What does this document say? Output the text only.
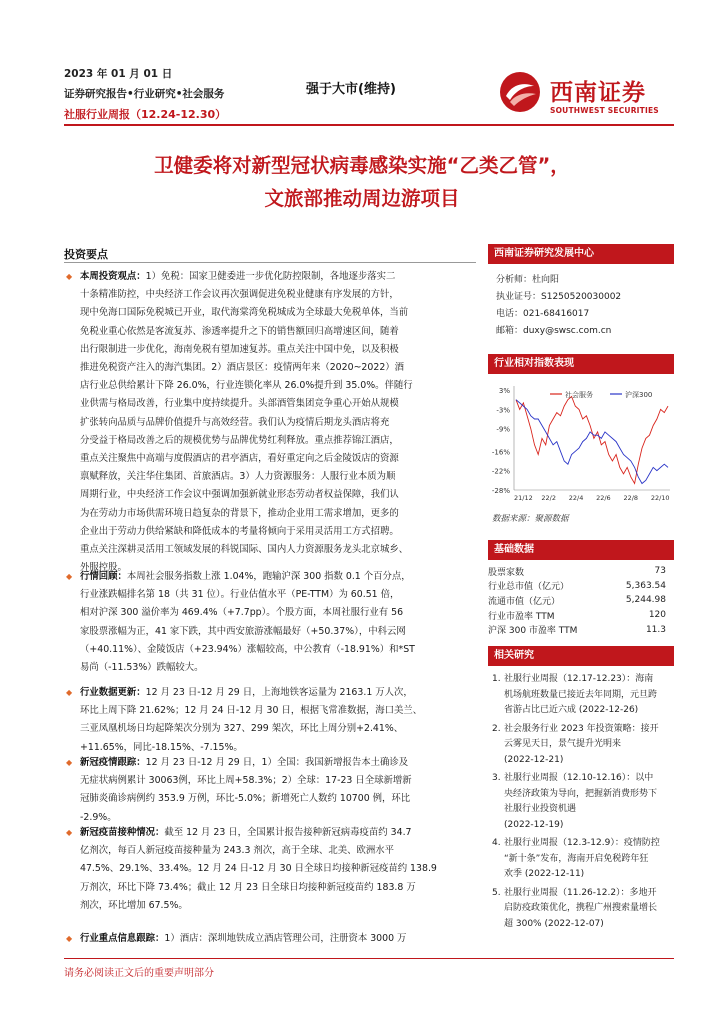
2023 年 01 月 01 日
证券研究报告•行业研究•社会服务
社服行业周报（12.24-12.30）
强于大市(维持)	西南证券
SOUTHWEST SECURITIES
卫健委将对新型冠状病毒感染实施“乙类乙管”，
文旅部推动周边游项目
投资要点
◆ 本周投资观点：1）免税：国家卫健委进一步优化防控限制，各地逐步落实二
十条精准防控，中央经济工作会议再次强调促进免税业健康有序发展的方针，
现中免海口国际免税城已开业，取代海棠湾免税城成为全球最大免税单体，当前
免税业重心依然是客流复苏、渗透率提升之下的销售额回归高增速区间，随着
出行限制进一步优化，海南免税有望加速复苏。重点关注中国中免，以及积极
推进免税资产注入的海汽集团。2）酒店景区：疫情两年来（2020~2022）酒
店行业总供给累计下降 26.0%，行业连锁化率从 26.0%提升到 35.0%。伴随行
业供需与格局改善，行业集中度持续提升。头部酒管集团竞争重心开始从规模
扩张转向品质与品牌价值提升与高效经营。我们认为疫情后期龙头酒店将充
分受益于格局改善之后的规模优势与品牌优势红利释放。重点推荐锦江酒店，
重点关注聚焦中高端与度假酒店的君亭酒店，看好重定向之后金陵饭店的资源
禀赋释放，关注华住集团、首旅酒店。3）人力资源服务：人服行业本质为顺
周期行业，中央经济工作会议中强调加强新就业形态劳动者权益保障，我们认
为在劳动力市场供需环境日趋复杂的背景下，推动企业用工需求增加，更多的
企业出于劳动力供给紧缺和降低成本的考量将倾向于采用灵活用工方式招聘。
重点关注深耕灵活用工领域发展的科锐国际、国内人力资源服务龙头北京城乡、
外服控股。
◆ 行情回顾：本周社会服务指数上涨 1.04%，跑输沪深 300 指数 0.1 个百分点，
行业涨跌幅排名第 18（共 31 位）。行业估值水平（PE-TTM）为 60.51 倍，
相对沪深 300 溢价率为 469.4%（+7.7pp）。个股方面，本周社服行业有 56
家股票涨幅为正，41 家下跌，其中西安旅游涨幅最好（+50.37%），中科云网
（+40.11%）、金陵饭店（+23.94%）涨幅较高，中公教育（-18.91%）和*ST
易尚（-11.53%）跌幅较大。
◆ 行业数据更新：12 月 23 日-12 月 29 日，上海地铁客运量为 2163.1 万人次，
环比上周下降 21.62%；12 月 24 日-12 月 30 日，根据飞常准数据，海口美兰、
三亚凤凰机场日均起降架次分别为 327、299 架次，环比上周分别+2.41%、
+11.65%，同比-18.15%、-7.15%。
◆ 新冠疫情跟踪：12 月 23 日-12 月 29 日，1）全国：我国新增报告本土确诊及
无症状病例累计 30063例，环比上周+58.3%；2）全球：17-23 日全球新增新
冠肺炎确诊病例约 353.9 万例，环比-5.0%；新增死亡人数约 10700 例，环比
-2.9%。
◆ 新冠疫苗接种情况：截至 12 月 23 日，全国累计报告接种新冠病毒疫苗约 34.7
亿剂次，每百人新冠疫苗接种量为 243.3 剂次，高于全球、北美、欧洲水平
47.5%、29.1%、33.4%。12 月 24 日-12 月 30 日全球日均接种新冠疫苗约 138.9
万剂次，环比下降 73.4%；截止 12 月 23 日全球日均接种新冠疫苗约 183.8 万
剂次，环比增加 67.5%。
◆ 行业重点信息跟踪：1）酒店：深圳地铁成立酒店管理公司，注册资本 3000 万
西南证券研究发展中心
分析师：杜向阳
执业证号：S1250520030002
电话：021-68416017
邮箱：duxy@swsc.com.cn
行业相对指数表现
3%
-3%
-9%
-16%
-22%
-28%
21/12 22/2 22/4 22/6 22/8 22/10
社会服务	沪深300
数据来源：聚源数据
基础数据
股票家数	73
行业总市值（亿元）	5,363.54
流通市值（亿元）	5,244.98
行业市盈率 TTM	120
沪深 300 市盈率 TTM	11.3
相关研究
1. 社服行业周报（12.17-12.23）：海南
机场航班数量已接近去年同期，元旦跨
省游占比已近六成 (2022-12-26)
2. 社会服务行业 2023 年投资策略：接开
云雾见天日，景气提升光明来
(2022-12-21)
3. 社服行业周报（12.10-12.16）：以中
央经济政策为导向，把握新消费形势下
社服行业投资机遇
(2022-12-19)
4. 社服行业周报（12.3-12.9）：疫情防控
“新十条”发布，海南开启免税跨年狂
欢季 (2022-12-11)
5. 社服行业周报（11.26-12.2）：多地开
启防疫政策优化，携程广州搜索量增长
超 300% (2022-12-07)
请务必阅读正文后的重要声明部分
